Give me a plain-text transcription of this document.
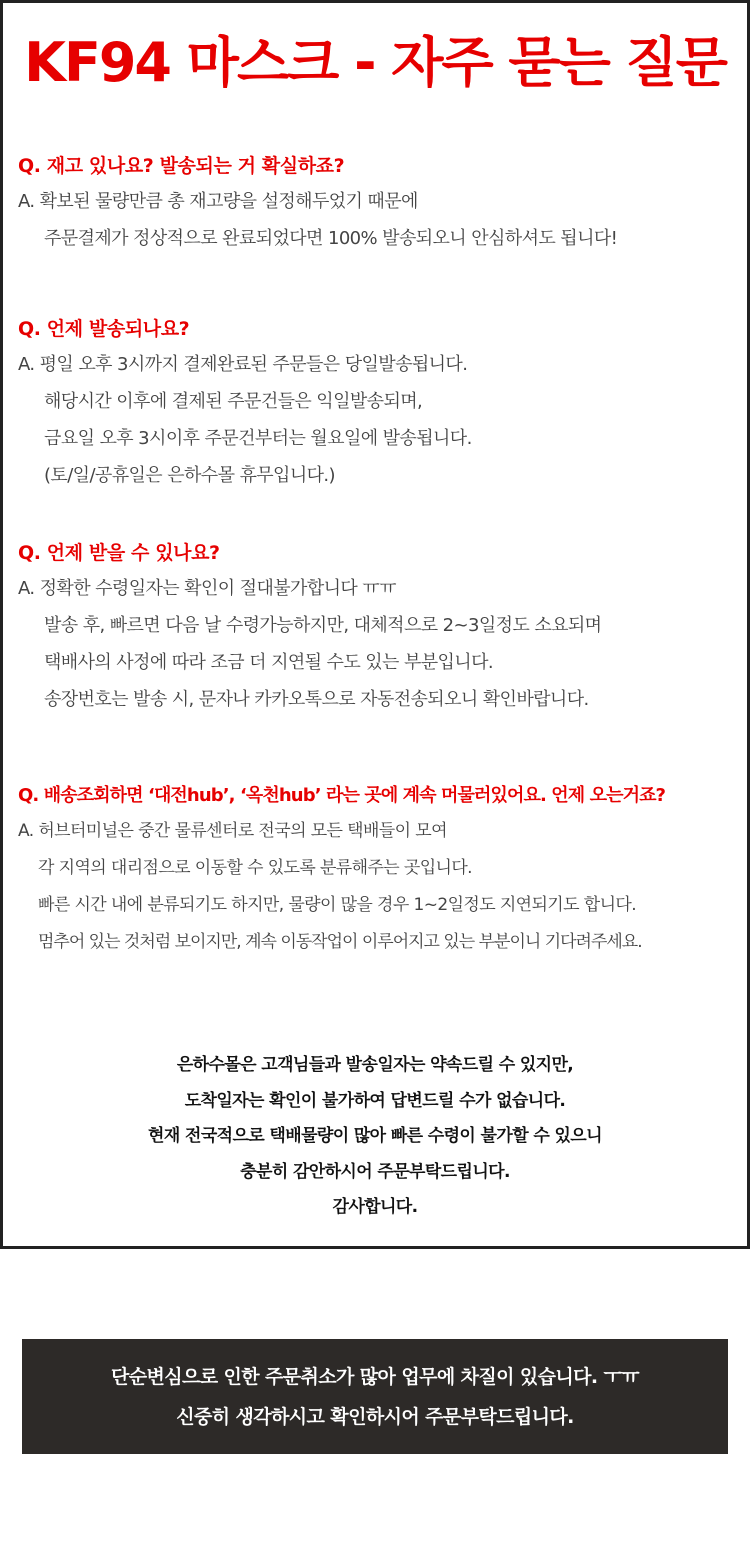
KF94 마스크 - 자주 묻는 질문
Q. 재고 있나요? 발송되는 거 확실하죠?
A. 확보된 물량만큼 총 재고량을 설정해두었기 때문에
주문결제가 정상적으로 완료되었다면 100% 발송되오니 안심하셔도 됩니다!
Q. 언제 발송되나요?
A. 평일 오후 3시까지 결제완료된 주문들은 당일발송됩니다.
해당시간 이후에 결제된 주문건들은 익일발송되며,
금요일 오후 3시이후 주문건부터는 월요일에 발송됩니다.
(토/일/공휴일은 은하수몰 휴무입니다.)
Q. 언제 받을 수 있나요?
A. 정확한 수령일자는 확인이 절대불가합니다 ㅠㅠ
발송 후, 빠르면 다음 날 수령가능하지만, 대체적으로 2~3일정도 소요되며
택배사의 사정에 따라 조금 더 지연될 수도 있는 부분입니다.
송장번호는 발송 시, 문자나 카카오톡으로 자동전송되오니 확인바랍니다.
Q. 배송조회하면 ‘대전hub’, ‘옥천hub’ 라는 곳에 계속 머물러있어요. 언제 오는거죠?
A. 허브터미널은 중간 물류센터로 전국의 모든 택배들이 모여
각 지역의 대리점으로 이동할 수 있도록 분류해주는 곳입니다.
빠른 시간 내에 분류되기도 하지만, 물량이 많을 경우 1~2일정도 지연되기도 합니다.
멈추어 있는 것처럼 보이지만, 계속 이동작업이 이루어지고 있는 부분이니 기다려주세요.
은하수몰은 고객님들과 발송일자는 약속드릴 수 있지만,
도착일자는 확인이 불가하여 답변드릴 수가 없습니다.
현재 전국적으로 택배물량이 많아 빠른 수령이 불가할 수 있으니
충분히 감안하시어 주문부탁드립니다.
감사합니다.
단순변심으로 인한 주문취소가 많아 업무에 차질이 있습니다. ㅜㅠ
신중히 생각하시고 확인하시어 주문부탁드립니다.
